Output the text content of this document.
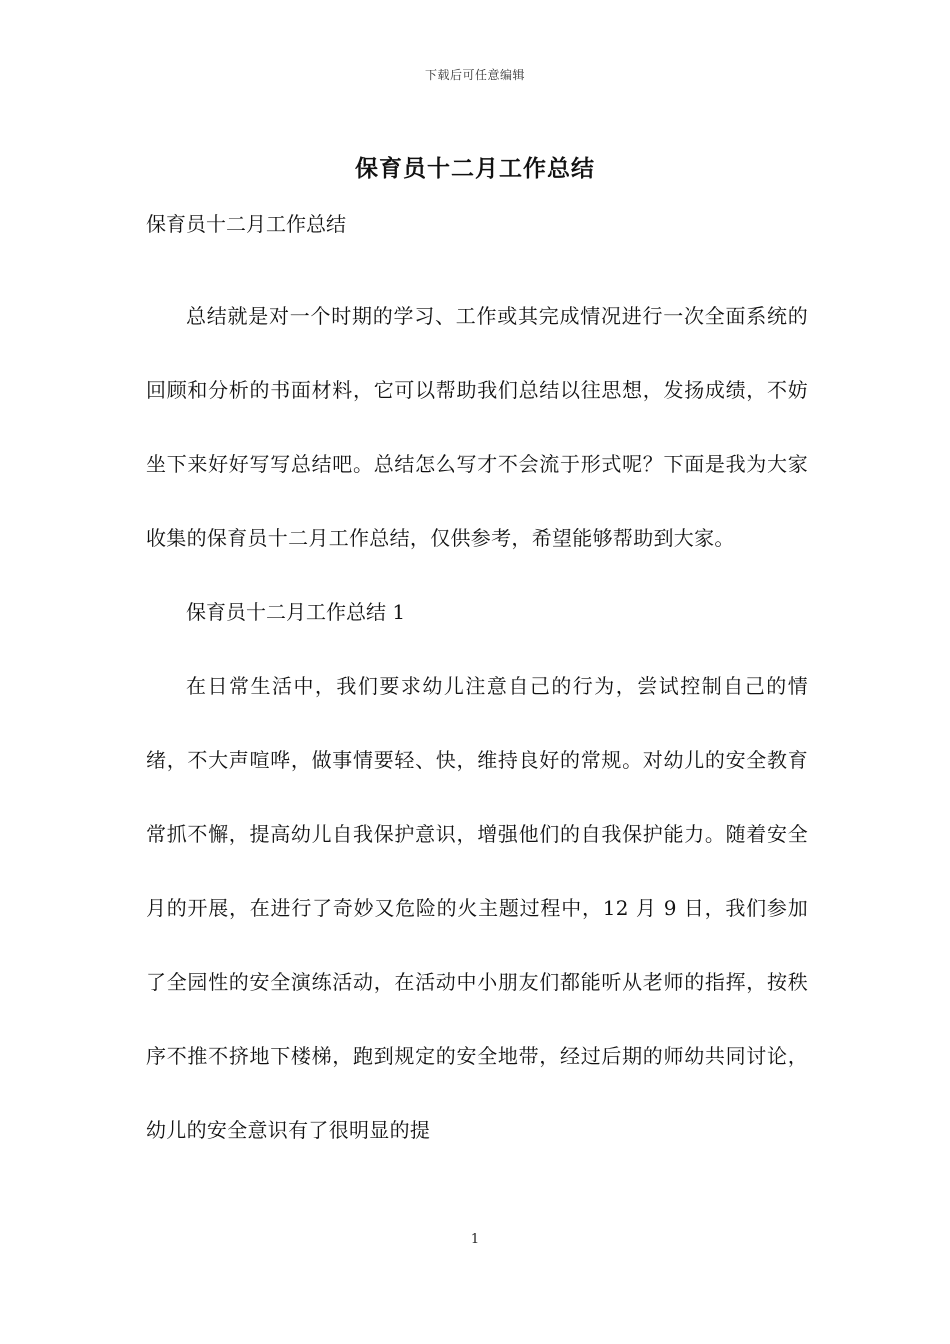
下载后可任意编辑
保育员十二月工作总结

保育员十二月工作总结

总结就是对一个时期的学习、工作或其完成情况进行一次全面系统的回顾和分析的书面材料，它可以帮助我们总结以往思想，发扬成绩，不妨坐下来好好写写总结吧。总结怎么写才不会流于形式呢？下面是我为大家收集的保育员十二月工作总结，仅供参考，希望能够帮助到大家。

保育员十二月工作总结 1

在日常生活中，我们要求幼儿注意自己的行为，尝试控制自己的情绪，不大声喧哗，做事情要轻、快，维持良好的常规。对幼儿的安全教育常抓不懈，提高幼儿自我保护意识，增强他们的自我保护能力。随着安全月的开展，在进行了奇妙又危险的火主题过程中，12 月 9 日，我们参加了全园性的安全演练活动，在活动中小朋友们都能听从老师的指挥，按秩序不推不挤地下楼梯，跑到规定的安全地带，经过后期的师幼共同讨论，幼儿的安全意识有了很明显的提

1
